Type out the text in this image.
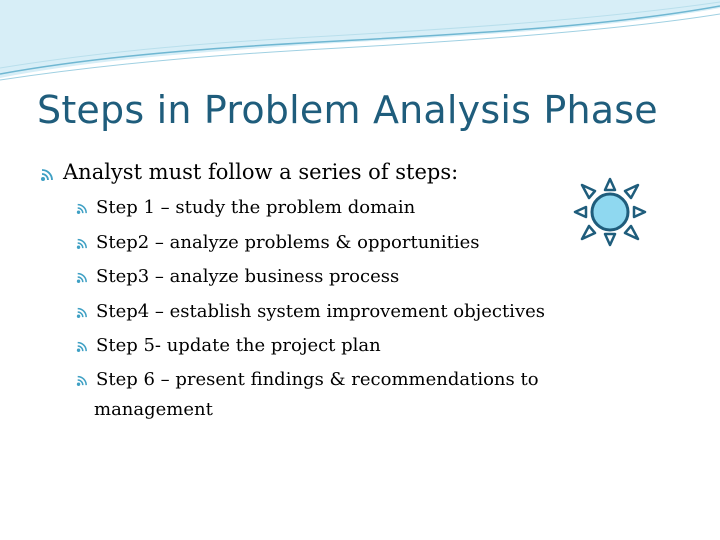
Steps in Problem Analysis Phase
Analyst must follow a series of steps:
Step 1 – study the problem domain
Step2 – analyze problems & opportunities
Step3 – analyze business process
Step4 – establish system improvement objectives
Step 5- update the project plan
Step 6 – present findings & recommendations to
management
